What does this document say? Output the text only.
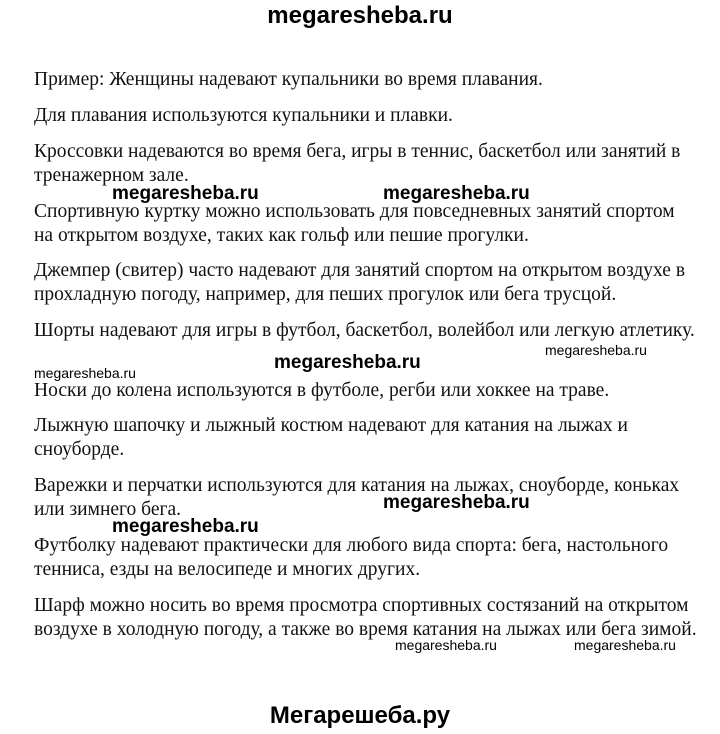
megaresheba.ru

Пример: Женщины надевают купальники во время плавания.

Для плавания используются купальники и плавки.

Кроссовки надеваются во время бега, игры в теннис, баскетбол или занятий в тренажерном зале.

Спортивную куртку можно использовать для повседневных занятий спортом на открытом воздухе, таких как гольф или пешие прогулки.

Джемпер (свитер) часто надевают для занятий спортом на открытом воздухе в прохладную погоду, например, для пеших прогулок или бега трусцой.

Шорты надевают для игры в футбол, баскетбол, волейбол или легкую атлетику.

Носки до колена используются в футболе, регби или хоккее на траве.

Лыжную шапочку и лыжный костюм надевают для катания на лыжах и сноуборде.

Варежки и перчатки используются для катания на лыжах, сноуборде, коньках или зимнего бега.

Футболку надевают практически для любого вида спорта: бега, настольного тенниса, езды на велосипеде и многих других.

Шарф можно носить во время просмотра спортивных состязаний на открытом воздухе в холодную погоду, а также во время катания на лыжах или бега зимой.

megaresheba.ru	megaresheba.ru
megaresheba.ru
megaresheba.ru
megaresheba.ru
megaresheba.ru
megaresheba.ru
megaresheba.ru	megaresheba.ru
Мегарешеба.ру
